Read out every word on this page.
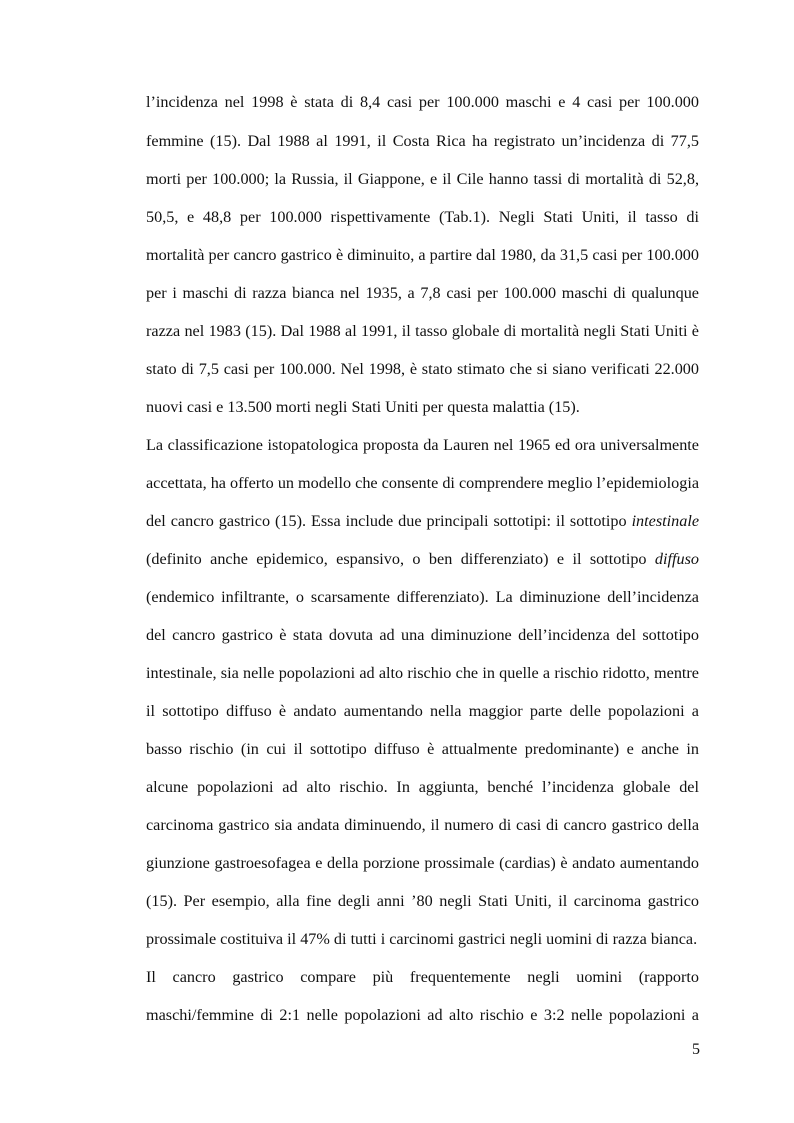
l’incidenza nel 1998 è stata di 8,4 casi per 100.000 maschi e 4 casi per 100.000
femmine (15). Dal 1988 al 1991, il Costa Rica ha registrato un’incidenza di 77,5
morti per 100.000; la Russia, il Giappone, e il Cile hanno tassi di mortalità di 52,8,
50,5, e 48,8 per 100.000 rispettivamente (Tab.1). Negli Stati Uniti, il tasso di
mortalità per cancro gastrico è diminuito, a partire dal 1980, da 31,5 casi per 100.000
per i maschi di razza bianca nel 1935, a 7,8 casi per 100.000 maschi di qualunque
razza nel 1983 (15). Dal 1988 al 1991, il tasso globale di mortalità negli Stati Uniti è
stato di 7,5 casi per 100.000. Nel 1998, è stato stimato che si siano verificati 22.000
nuovi casi e 13.500 morti negli Stati Uniti per questa malattia (15).
La classificazione istopatologica proposta da Lauren nel 1965 ed ora universalmente
accettata, ha offerto un modello che consente di comprendere meglio l’epidemiologia
del cancro gastrico (15). Essa include due principali sottotipi: il sottotipo intestinale
(definito anche epidemico, espansivo, o ben differenziato) e il sottotipo diffuso
(endemico infiltrante, o scarsamente differenziato). La diminuzione dell’incidenza
del cancro gastrico è stata dovuta ad una diminuzione dell’incidenza del sottotipo
intestinale, sia nelle popolazioni ad alto rischio che in quelle a rischio ridotto, mentre
il sottotipo diffuso è andato aumentando nella maggior parte delle popolazioni a
basso rischio (in cui il sottotipo diffuso è attualmente predominante) e anche in
alcune popolazioni ad alto rischio. In aggiunta, benché l’incidenza globale del
carcinoma gastrico sia andata diminuendo, il numero di casi di cancro gastrico della
giunzione gastroesofagea e della porzione prossimale (cardias) è andato aumentando
(15). Per esempio, alla fine degli anni ’80 negli Stati Uniti, il carcinoma gastrico
prossimale costituiva il 47% di tutti i carcinomi gastrici negli uomini di razza bianca.
Il cancro gastrico compare più frequentemente negli uomini (rapporto
maschi/femmine di 2:1 nelle popolazioni ad alto rischio e 3:2 nelle popolazioni a
5
